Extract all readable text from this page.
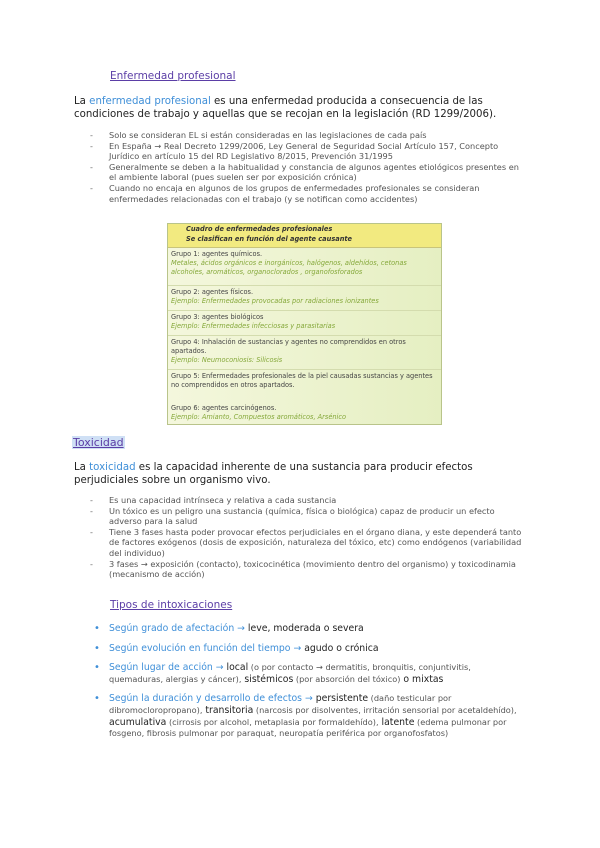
Enfermedad profesional
La enfermedad profesional es una enfermedad producida a consecuencia de las condiciones de trabajo y aquellas que se recojan en la legislación (RD 1299/2006).
- Solo se consideran EL si están consideradas en las legislaciones de cada país
- En España → Real Decreto 1299/2006, Ley General de Seguridad Social Artículo 157, Concepto Jurídico en artículo 15 del RD Legislativo 8/2015, Prevención 31/1995
- Generalmente se deben a la habitualidad y constancia de algunos agentes etiológicos presentes en el ambiente laboral (pues suelen ser por exposición crónica)
- Cuando no encaja en algunos de los grupos de enfermedades profesionales se consideran enfermedades relacionadas con el trabajo (y se notifican como accidentes)
Cuadro de enfermedades profesionales
Se clasifican en función del agente causante
Grupo 1: agentes químicos.
Metales, ácidos orgánicos e inorgánicos, halógenos, aldehídos, cetonas alcoholes, aromáticos, organoclorados , organofosforados
Grupo 2: agentes físicos.
Ejemplo: Enfermedades provocadas por radiaciones ionizantes
Grupo 3: agentes biológicos
Ejemplo: Enfermedades infecciosas y parasitarias
Grupo 4: Inhalación de sustancias y agentes no comprendidos en otros apartados.
Ejemplo: Neumoconiosis: Silicosis
Grupo 5: Enfermedades profesionales de la piel causadas sustancias y agentes no comprendidos en otros apartados.
Grupo 6: agentes carcinógenos.
Ejemplo: Amianto, Compuestos aromáticos, Arsénico
Toxicidad
La toxicidad es la capacidad inherente de una sustancia para producir efectos perjudiciales sobre un organismo vivo.
- Es una capacidad intrínseca y relativa a cada sustancia
- Un tóxico es un peligro una sustancia (química, física o biológica) capaz de producir un efecto adverso para la salud
- Tiene 3 fases hasta poder provocar efectos perjudiciales en el órgano diana, y este dependerá tanto de factores exógenos (dosis de exposición, naturaleza del tóxico, etc) como endógenos (variabilidad del individuo)
- 3 fases → exposición (contacto), toxicocinética (movimiento dentro del organismo) y toxicodinamia (mecanismo de acción)
Tipos de intoxicaciones
• Según grado de afectación → leve, moderada o severa
• Según evolución en función del tiempo → agudo o crónica
• Según lugar de acción → local (o por contacto → dermatitis, bronquitis, conjuntivitis, quemaduras, alergias y cáncer), sistémicos (por absorción del tóxico) o mixtas
• Según la duración y desarrollo de efectos → persistente (daño testicular por dibromocloropropano), transitoria (narcosis por disolventes, irritación sensorial por acetaldehído), acumulativa (cirrosis por alcohol, metaplasia por formaldehído), latente (edema pulmonar por fosgeno, fibrosis pulmonar por paraquat, neuropatía periférica por organofosfatos)
